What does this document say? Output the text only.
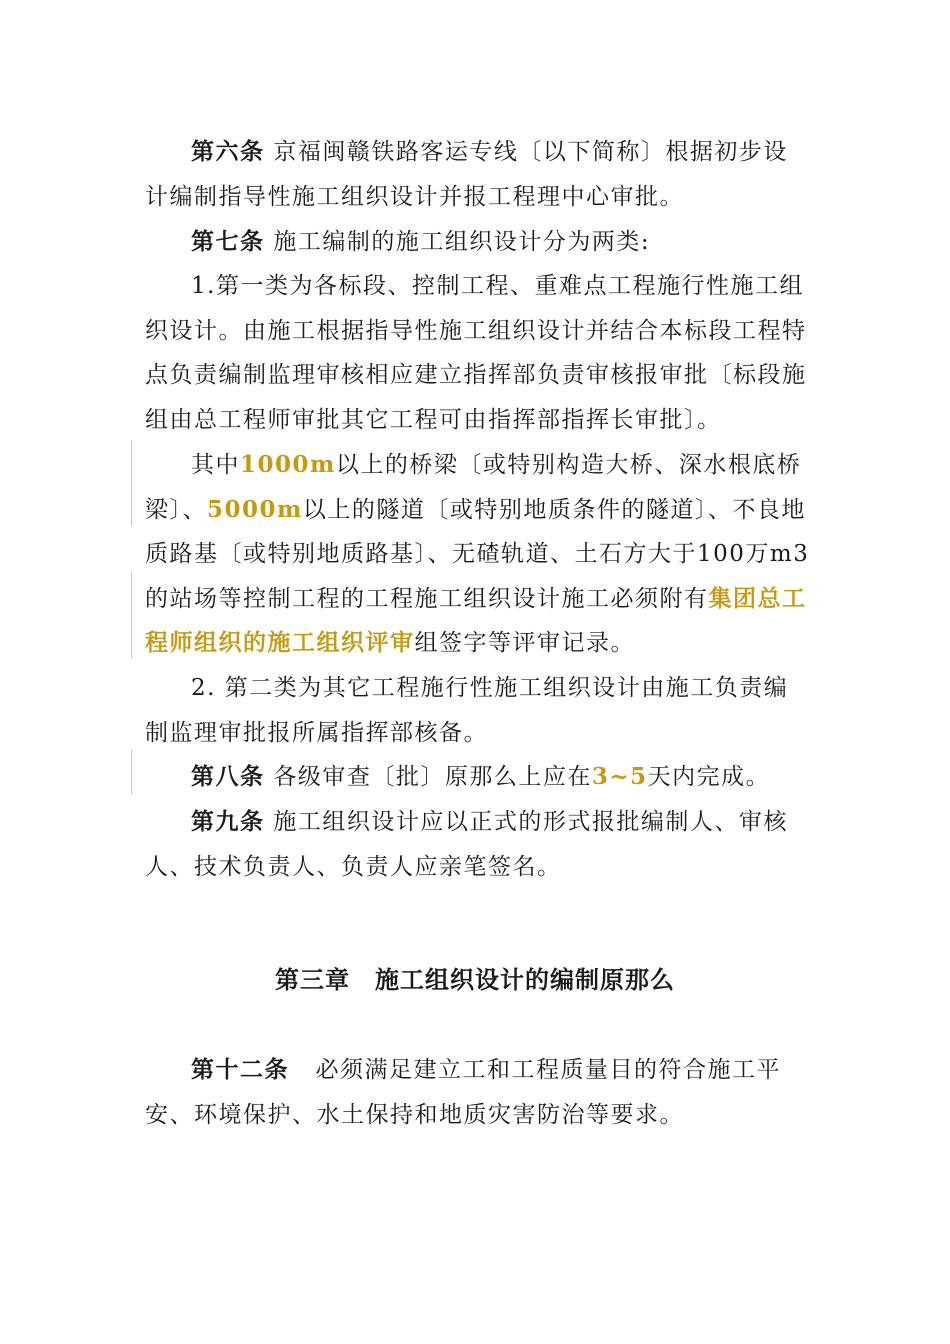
第六条 京福闽赣铁路客运专线〔以下简称〕根据初步设计编制指导性施工组织设计并报工程理中心审批。

第七条 施工编制的施工组织设计分为两类:

1.第一类为各标段、控制工程、重难点工程施行性施工组织设计。由施工根据指导性施工组织设计并结合本标段工程特点负责编制监理审核相应建立指挥部负责审核报审批〔标段施组由总工程师审批其它工程可由指挥部指挥长审批〕。

其中1000m以上的桥梁〔或特别构造大桥、深水根底桥梁〕、5000m以上的隧道〔或特别地质条件的隧道〕、不良地质路基〔或特别地质路基〕、无碴轨道、土石方大于100万m3的站场等控制工程的工程施工组织设计施工必须附有集团总工程师组织的施工组织评审组签字等评审记录。

2. 第二类为其它工程施行性施工组织设计由施工负责编制监理审批报所属指挥部核备。

第八条 各级审查〔批〕原那么上应在3~5天内完成。

第九条 施工组织设计应以正式的形式报批编制人、审核人、技术负责人、负责人应亲笔签名。

第三章　施工组织设计的编制原那么

第十二条 必须满足建立工和工程质量目的符合施工平安、环境保护、水土保持和地质灾害防治等要求。
